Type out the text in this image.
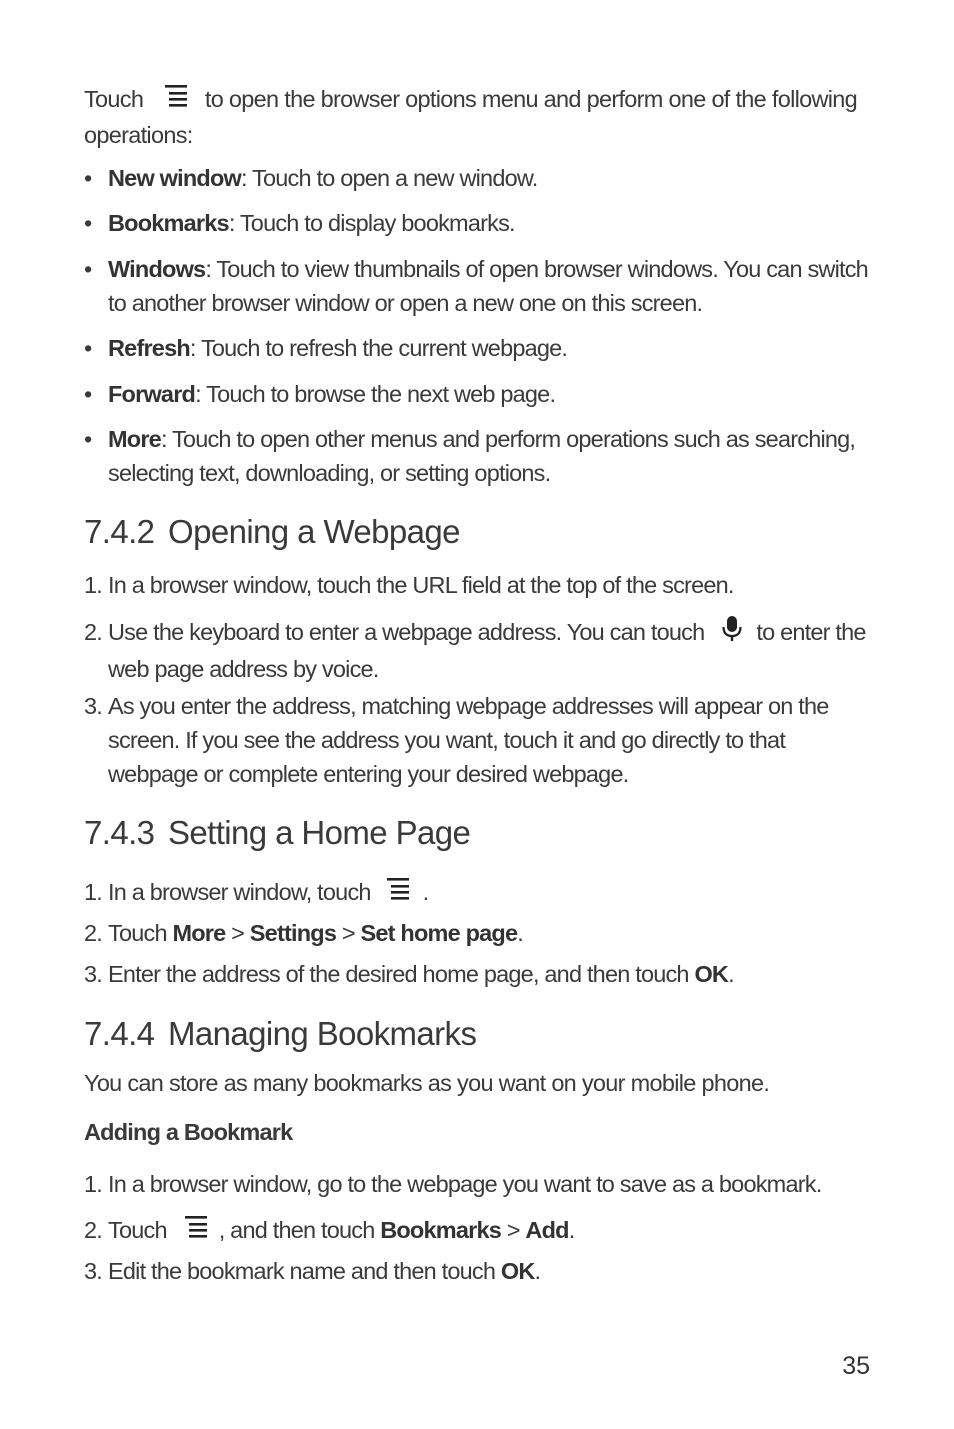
Touch	to open the browser options menu and perform one of the following
operations:
• New window: Touch to open a new window.
• Bookmarks: Touch to display bookmarks.
• Windows: Touch to view thumbnails of open browser windows. You can switch to another browser window or open a new one on this screen.
• Refresh: Touch to refresh the current webpage.
• Forward: Touch to browse the next web page.
• More: Touch to open other menus and perform operations such as searching, selecting text, downloading, or setting options.
7.4.2 Opening a Webpage
1. In a browser window, touch the URL field at the top of the screen.
2. Use the keyboard to enter a webpage address. You can touch to enter the
web page address by voice.
3. As you enter the address, matching webpage addresses will appear on the screen. If you see the address you want, touch it and go directly to that webpage or complete entering your desired webpage.
7.4.3 Setting a Home Page
1. In a browser window, touch .
2. Touch More > Settings > Set home page.
3. Enter the address of the desired home page, and then touch OK.
7.4.4 Managing Bookmarks
You can store as many bookmarks as you want on your mobile phone.
Adding a Bookmark
1. In a browser window, go to the webpage you want to save as a bookmark.
2. Touch , and then touch Bookmarks > Add.
3. Edit the bookmark name and then touch OK.
35
